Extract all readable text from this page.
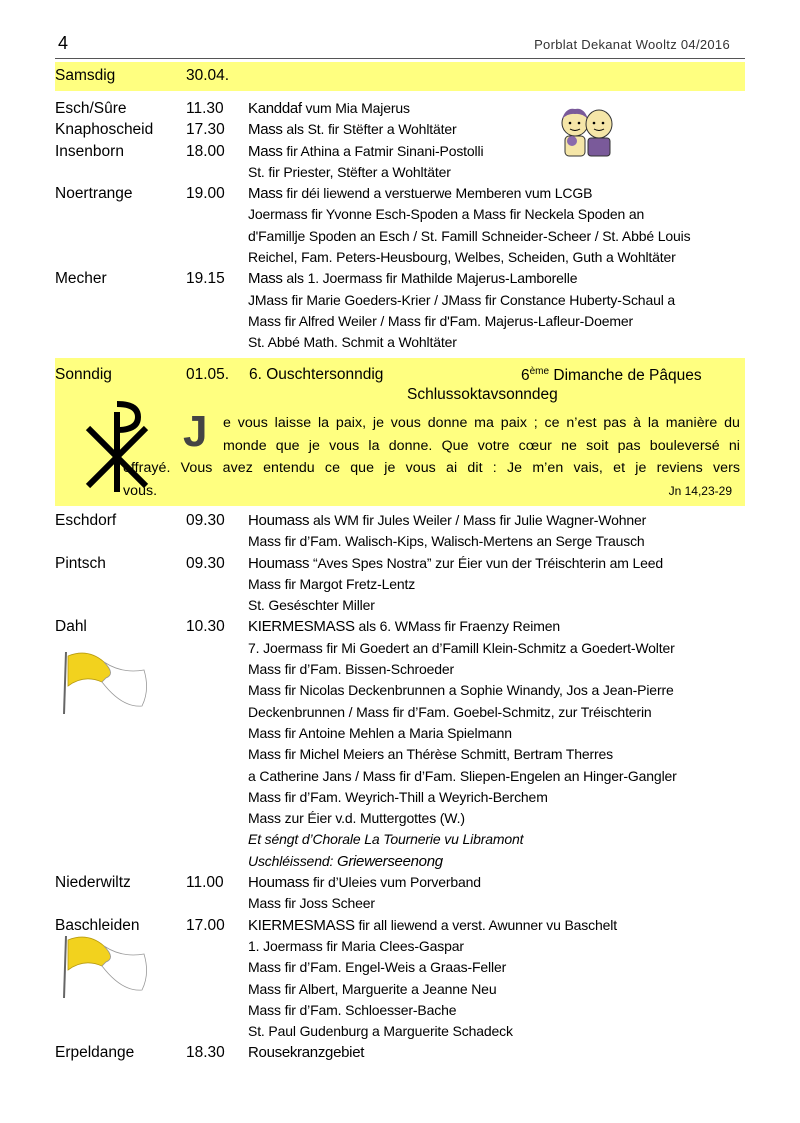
4	Porblat Dekanat Wooltz 04/2016
Samsdig	30.04.
Esch/Sûre	11.30 Kanddaf vum Mia Majerus
Knaphoscheid 17.30 Mass als St. fir Stëfter a Wohltäter
Insenborn	18.00 Mass fir Athina a Fatmir Sinani-Postolli
St. fir Priester, Stëfter a Wohltäter
Noertrange	19.00 Mass fir déi liewend a verstuerwe Memberen vum LCGB
Joermass fir Yvonne Esch-Spoden a Mass fir Neckela Spoden an
d'Famillje Spoden an Esch / St. Famill Schneider-Scheer / St. Abbé Louis
Reichel, Fam. Peters-Heusbourg, Welbes, Scheiden, Guth a Wohltäter
Mecher	19.15 Mass als 1. Joermass fir Mathilde Majerus-Lamborelle
JMass fir Marie Goeders-Krier / JMass fir Constance Huberty-Schaul a
Mass fir Alfred Weiler / Mass fir d'Fam. Majerus-Lafleur-Doemer
St. Abbé Math. Schmit a Wohltäter
Sonndig	01.05. 6. Ouschtersonndig	6ème Dimanche de Pâques
Schlussoktavsonndeg
J	e vous laisse la paix, je vous donne ma paix ; ce n’est pas à la manière du
monde que je vous la donne. Que votre cœur ne soit pas bouleversé ni
effrayé. Vous avez entendu ce que je vous ai dit : Je m’en vais, et je reviens vers
vous.	Jn 14,23-29
Eschdorf	09.30 Houmass als WM fir Jules Weiler / Mass fir Julie Wagner-Wohner
Mass fir d’Fam. Walisch-Kips, Walisch-Mertens an Serge Trausch
Pintsch	09.30 Houmass “Aves Spes Nostra” zur Éier vun der Tréischterin am Leed
Mass fir Margot Fretz-Lentz
St. Geséschter Miller
Dahl	10.30 KIERMESMASS als 6. WMass fir Fraenzy Reimen
7. Joermass fir Mi Goedert an d’Famill Klein-Schmitz a Goedert-Wolter
Mass fir d’Fam. Bissen-Schroeder
Mass fir Nicolas Deckenbrunnen a Sophie Winandy, Jos a Jean-Pierre
Deckenbrunnen / Mass fir d’Fam. Goebel-Schmitz, zur Tréischterin
Mass fir Antoine Mehlen a Maria Spielmann
Mass fir Michel Meiers an Thérèse Schmitt, Bertram Therres
a Catherine Jans / Mass fir d’Fam. Sliepen-Engelen an Hinger-Gangler
Mass fir d’Fam. Weyrich-Thill a Weyrich-Berchem
Mass zur Éier v.d. Muttergottes (W.)
Et séngt d’Chorale La Tournerie vu Libramont
Uschléissend: Griewerseenong
Niederwiltz	11.00 Houmass fir d’Uleies vum Porverband
Mass fir Joss Scheer
Baschleiden	17.00 KIERMESMASS fir all liewend a verst. Awunner vu Baschelt
1. Joermass fir Maria Clees-Gaspar
Mass fir d’Fam. Engel-Weis a Graas-Feller
Mass fir Albert, Marguerite a Jeanne Neu
Mass fir d’Fam. Schloesser-Bache
St. Paul Gudenburg a Marguerite Schadeck
Erpeldange	18.30 Rousekranzgebiet
